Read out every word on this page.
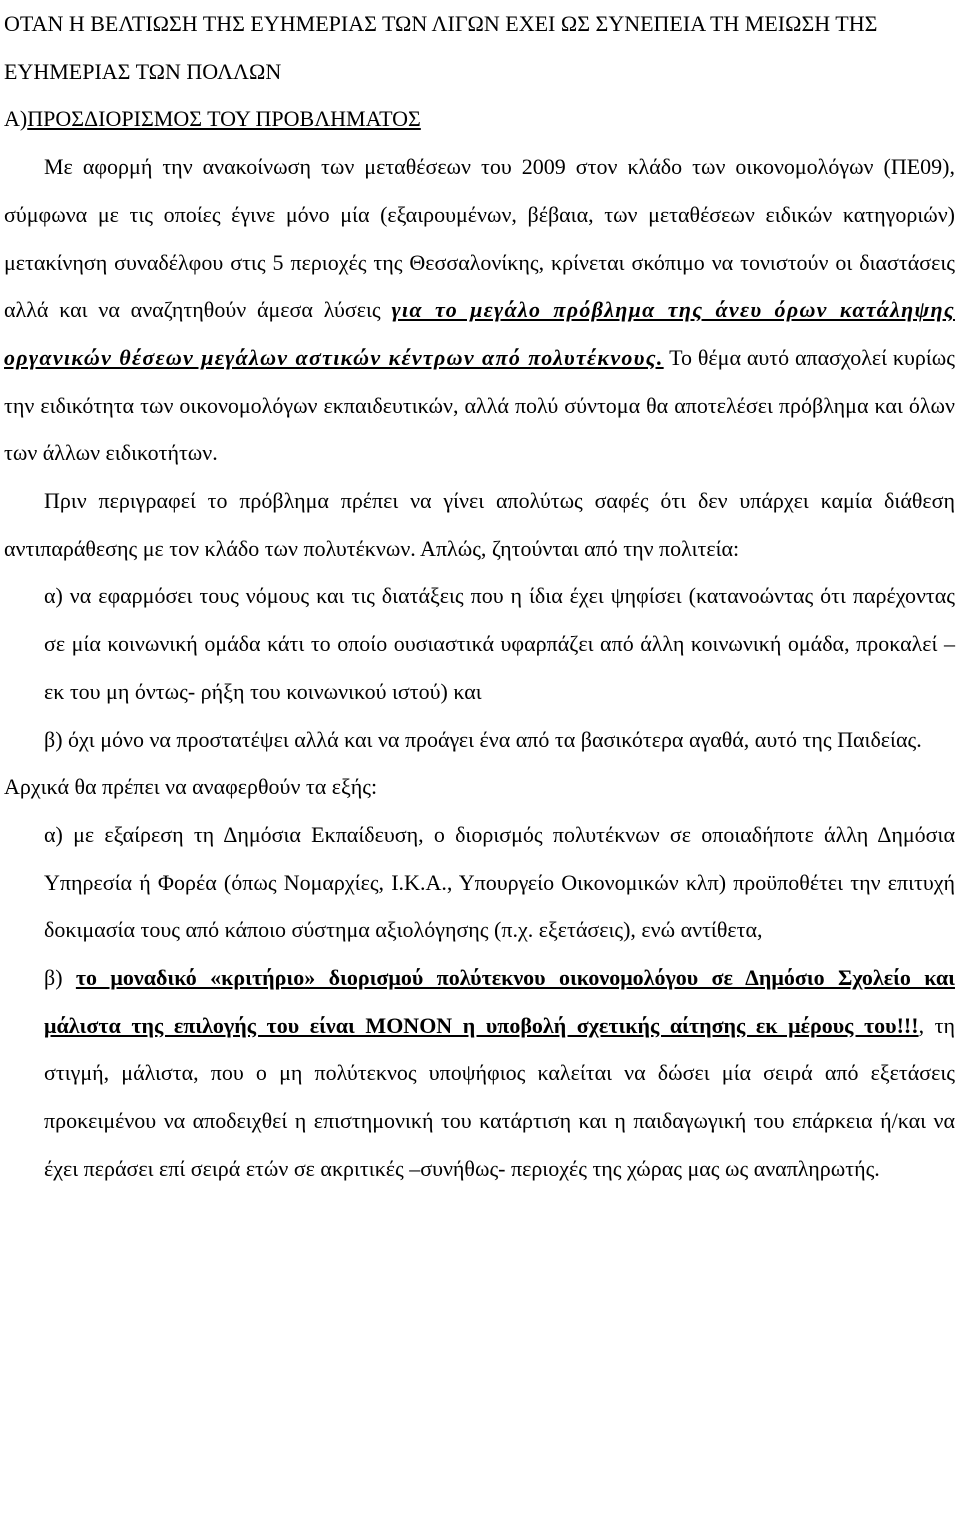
ΟΤΑΝ Η ΒΕΛΤΙΩΣΗ ΤΗΣ ΕΥΗΜΕΡΙΑΣ ΤΩΝ ΛΙΓΩΝ ΕΧΕΙ ΩΣ ΣΥΝΕΠΕΙΑ ΤΗ ΜΕΙΩΣΗ ΤΗΣ ΕΥΗΜΕΡΙΑΣ ΤΩΝ ΠΟΛΛΩΝ
Α)ΠΡΟΣΔΙΟΡΙΣΜΟΣ ΤΟΥ ΠΡΟΒΛΗΜΑΤΟΣ

Με αφορμή την ανακοίνωση των μεταθέσεων του 2009 στον κλάδο των οικονομολόγων (ΠΕ09), σύμφωνα με τις οποίες έγινε μόνο μία (εξαιρουμένων, βέβαια, των μεταθέσεων ειδικών κατηγοριών) μετακίνηση συναδέλφου στις 5 περιοχές της Θεσσαλονίκης, κρίνεται σκόπιμο να τονιστούν οι διαστάσεις αλλά και να αναζητηθούν άμεσα λύσεις για το μεγάλο πρόβλημα της άνευ όρων κατάληψης οργανικών θέσεων μεγάλων αστικών κέντρων από πολυτέκνους. Το θέμα αυτό απασχολεί κυρίως την ειδικότητα των οικονομολόγων εκπαιδευτικών, αλλά πολύ σύντομα θα αποτελέσει πρόβλημα και όλων των άλλων ειδικοτήτων.

Πριν περιγραφεί το πρόβλημα πρέπει να γίνει απολύτως σαφές ότι δεν υπάρχει καμία διάθεση αντιπαράθεσης με τον κλάδο των πολυτέκνων. Απλώς, ζητούνται από την πολιτεία:

α) να εφαρμόσει τους νόμους και τις διατάξεις που η ίδια έχει ψηφίσει (κατανοώντας ότι παρέχοντας σε μία κοινωνική ομάδα κάτι το οποίο ουσιαστικά υφαρπάζει από άλλη κοινωνική ομάδα, προκαλεί –εκ του μη όντως- ρήξη του κοινωνικού ιστού) και

β) όχι μόνο να προστατέψει αλλά και να προάγει ένα από τα βασικότερα αγαθά, αυτό της Παιδείας.

Αρχικά θα πρέπει να αναφερθούν τα εξής:

α) με εξαίρεση τη Δημόσια Εκπαίδευση, ο διορισμός πολυτέκνων σε οποιαδήποτε άλλη Δημόσια Υπηρεσία ή Φορέα (όπως Νομαρχίες, Ι.Κ.Α., Υπουργείο Οικονομικών κλπ) προϋποθέτει την επιτυχή δοκιμασία τους από κάποιο σύστημα αξιολόγησης (π.χ. εξετάσεις), ενώ αντίθετα,

β) το μοναδικό «κριτήριο» διορισμού πολύτεκνου οικονομολόγου σε Δημόσιο Σχολείο και μάλιστα της επιλογής του είναι ΜΟΝΟΝ η υποβολή σχετικής αίτησης εκ μέρους του!!!, τη στιγμή, μάλιστα, που ο μη πολύτεκνος υποψήφιος καλείται να δώσει μία σειρά από εξετάσεις προκειμένου να αποδειχθεί η επιστημονική του κατάρτιση και η παιδαγωγική του επάρκεια ή/και να έχει περάσει επί σειρά ετών σε ακριτικές –συνήθως- περιοχές της χώρας μας ως αναπληρωτής.
